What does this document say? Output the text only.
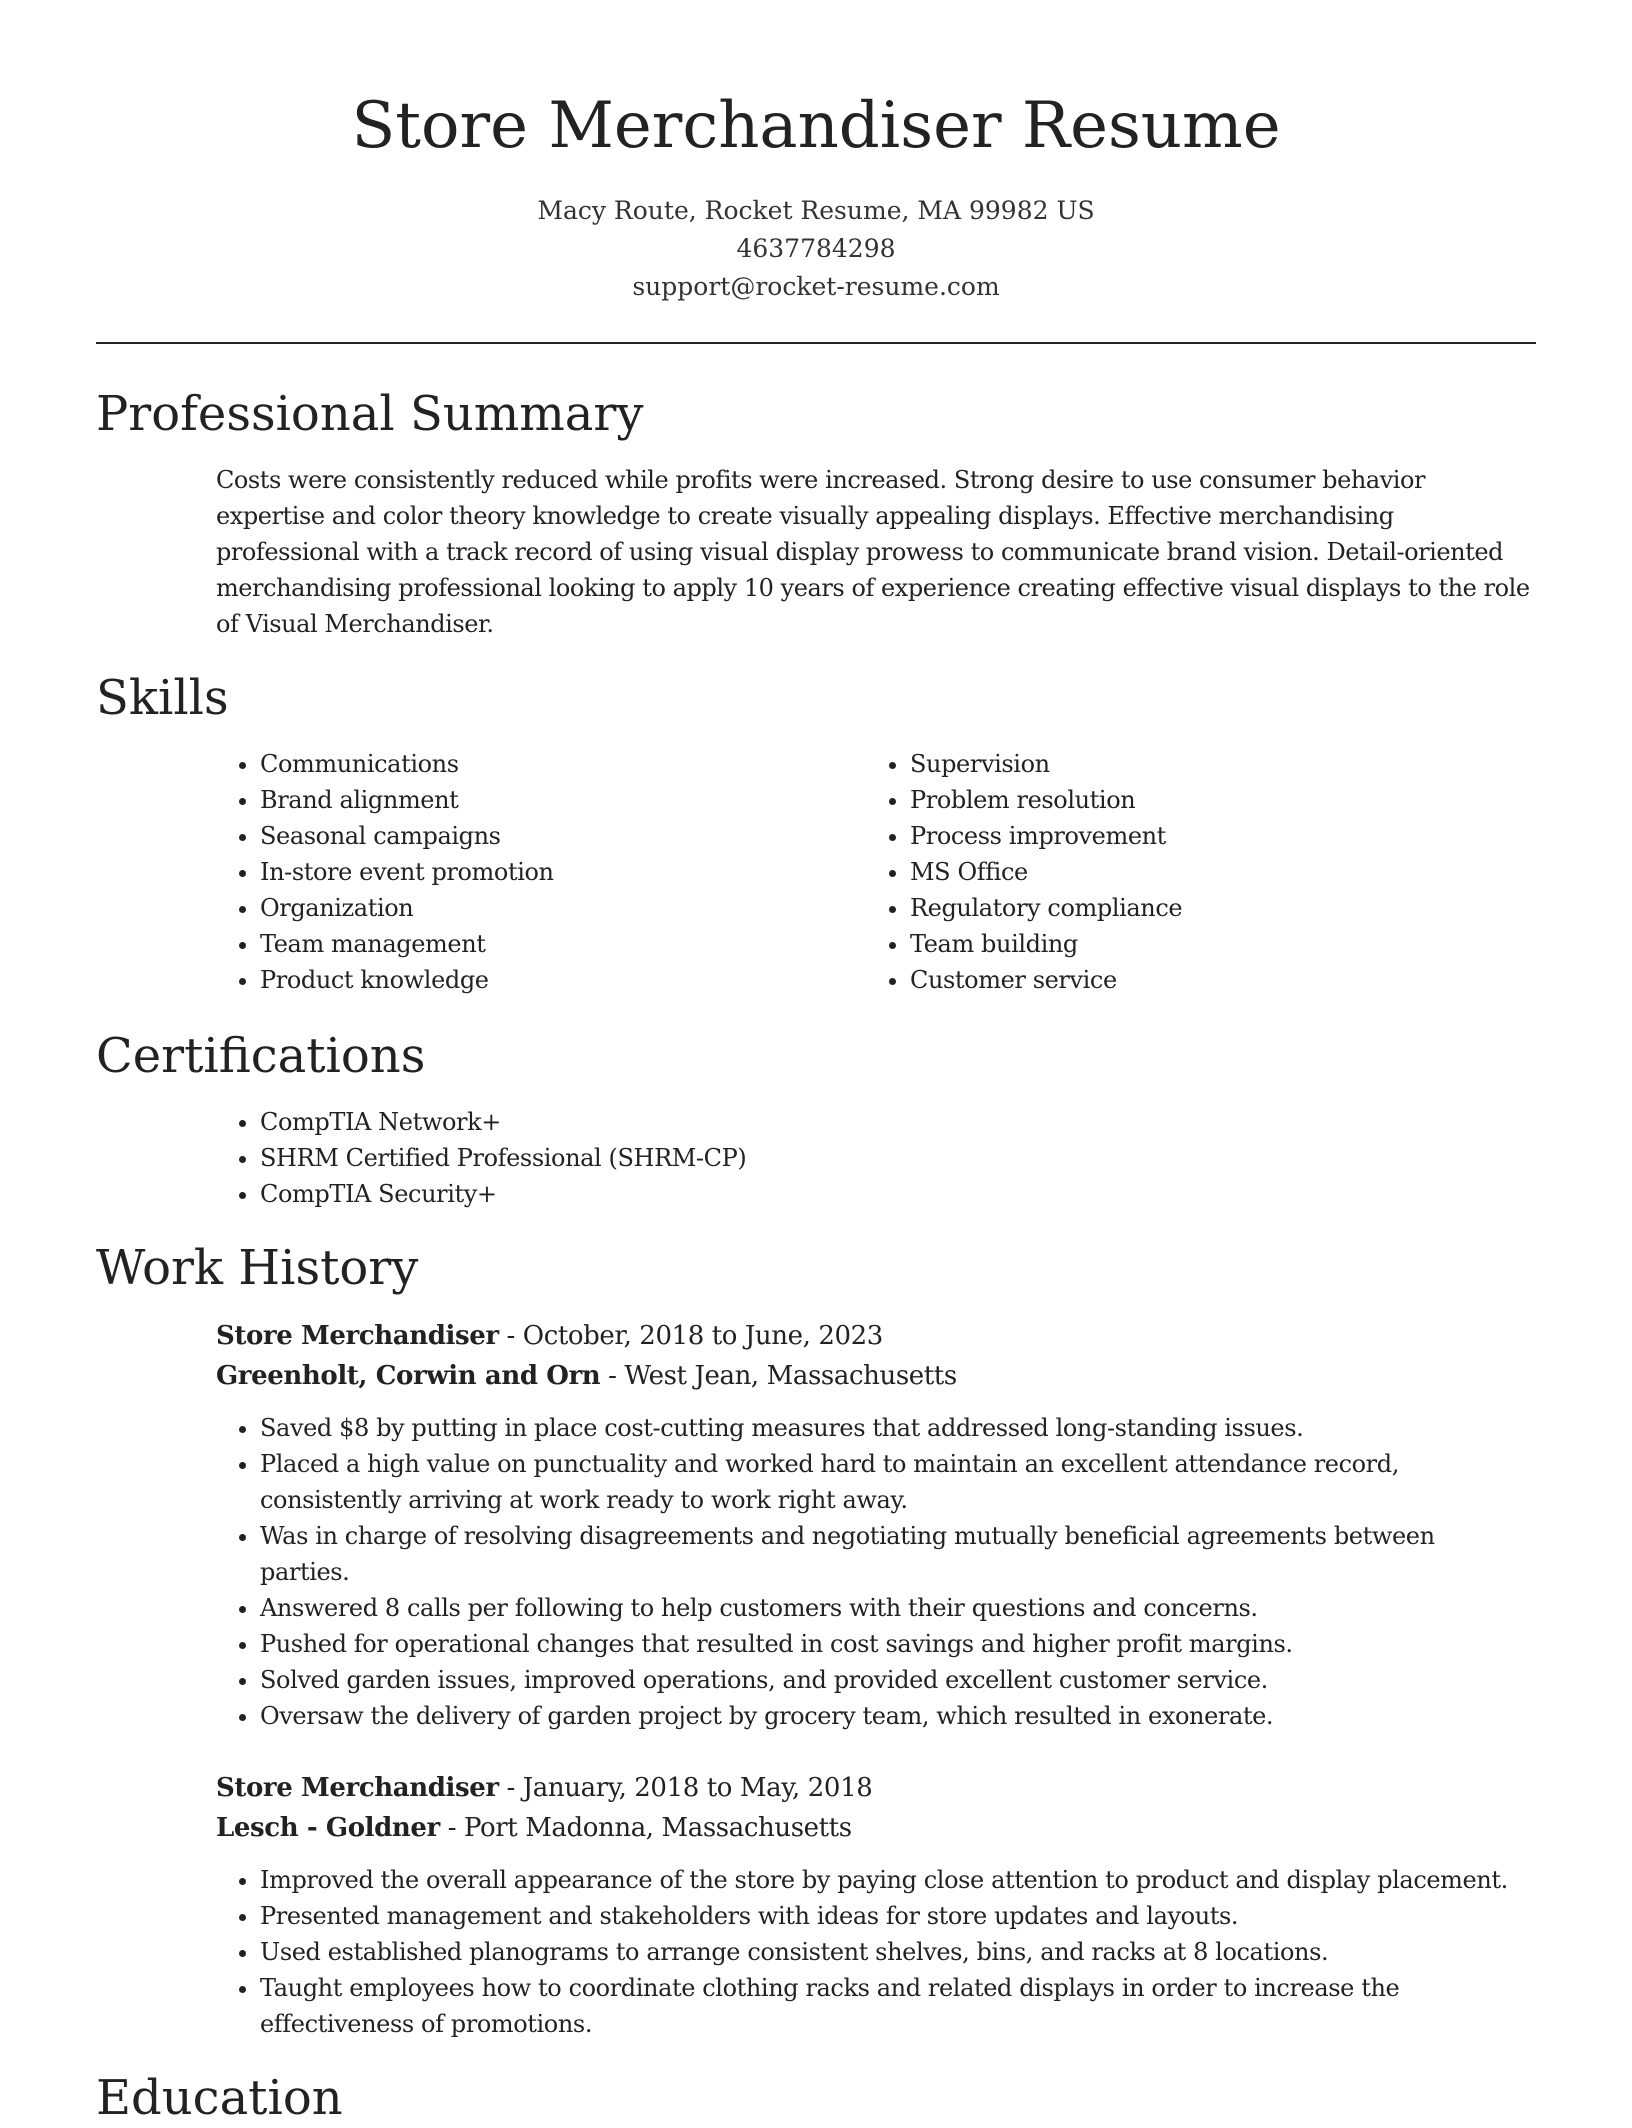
Store Merchandiser Resume
Macy Route, Rocket Resume, MA 99982 US
4637784298
support@rocket-resume.com
Professional Summary

Costs were consistently reduced while profits were increased. Strong desire to use consumer behavior expertise and color theory knowledge to create visually appealing displays. Effective merchandising professional with a track record of using visual display prowess to communicate brand vision. Detail-oriented merchandising professional looking to apply 10 years of experience creating effective visual displays to the role of Visual Merchandiser.

Skills
• Communications
• Brand alignment
• Seasonal campaigns
• In-store event promotion
• Organization
• Team management
• Product knowledge
• Supervision
• Problem resolution
• Process improvement
• MS Office
• Regulatory compliance
• Team building
• Customer service
Certifications
• CompTIA Network+
• SHRM Certified Professional (SHRM-CP)
• CompTIA Security+
Work History
Store Merchandiser - October, 2018 to June, 2023
Greenholt, Corwin and Orn - West Jean, Massachusetts
• Saved $8 by putting in place cost-cutting measures that addressed long-standing issues.
• Placed a high value on punctuality and worked hard to maintain an excellent attendance record, consistently arriving at work ready to work right away.
• Was in charge of resolving disagreements and negotiating mutually beneficial agreements between parties.
• Answered 8 calls per following to help customers with their questions and concerns.
• Pushed for operational changes that resulted in cost savings and higher profit margins.
• Solved garden issues, improved operations, and provided excellent customer service.
• Oversaw the delivery of garden project by grocery team, which resulted in exonerate.
Store Merchandiser - January, 2018 to May, 2018
Lesch - Goldner - Port Madonna, Massachusetts
• Improved the overall appearance of the store by paying close attention to product and display placement.
• Presented management and stakeholders with ideas for store updates and layouts.
• Used established planograms to arrange consistent shelves, bins, and racks at 8 locations.
• Taught employees how to coordinate clothing racks and related displays in order to increase the effectiveness of promotions.
Education
